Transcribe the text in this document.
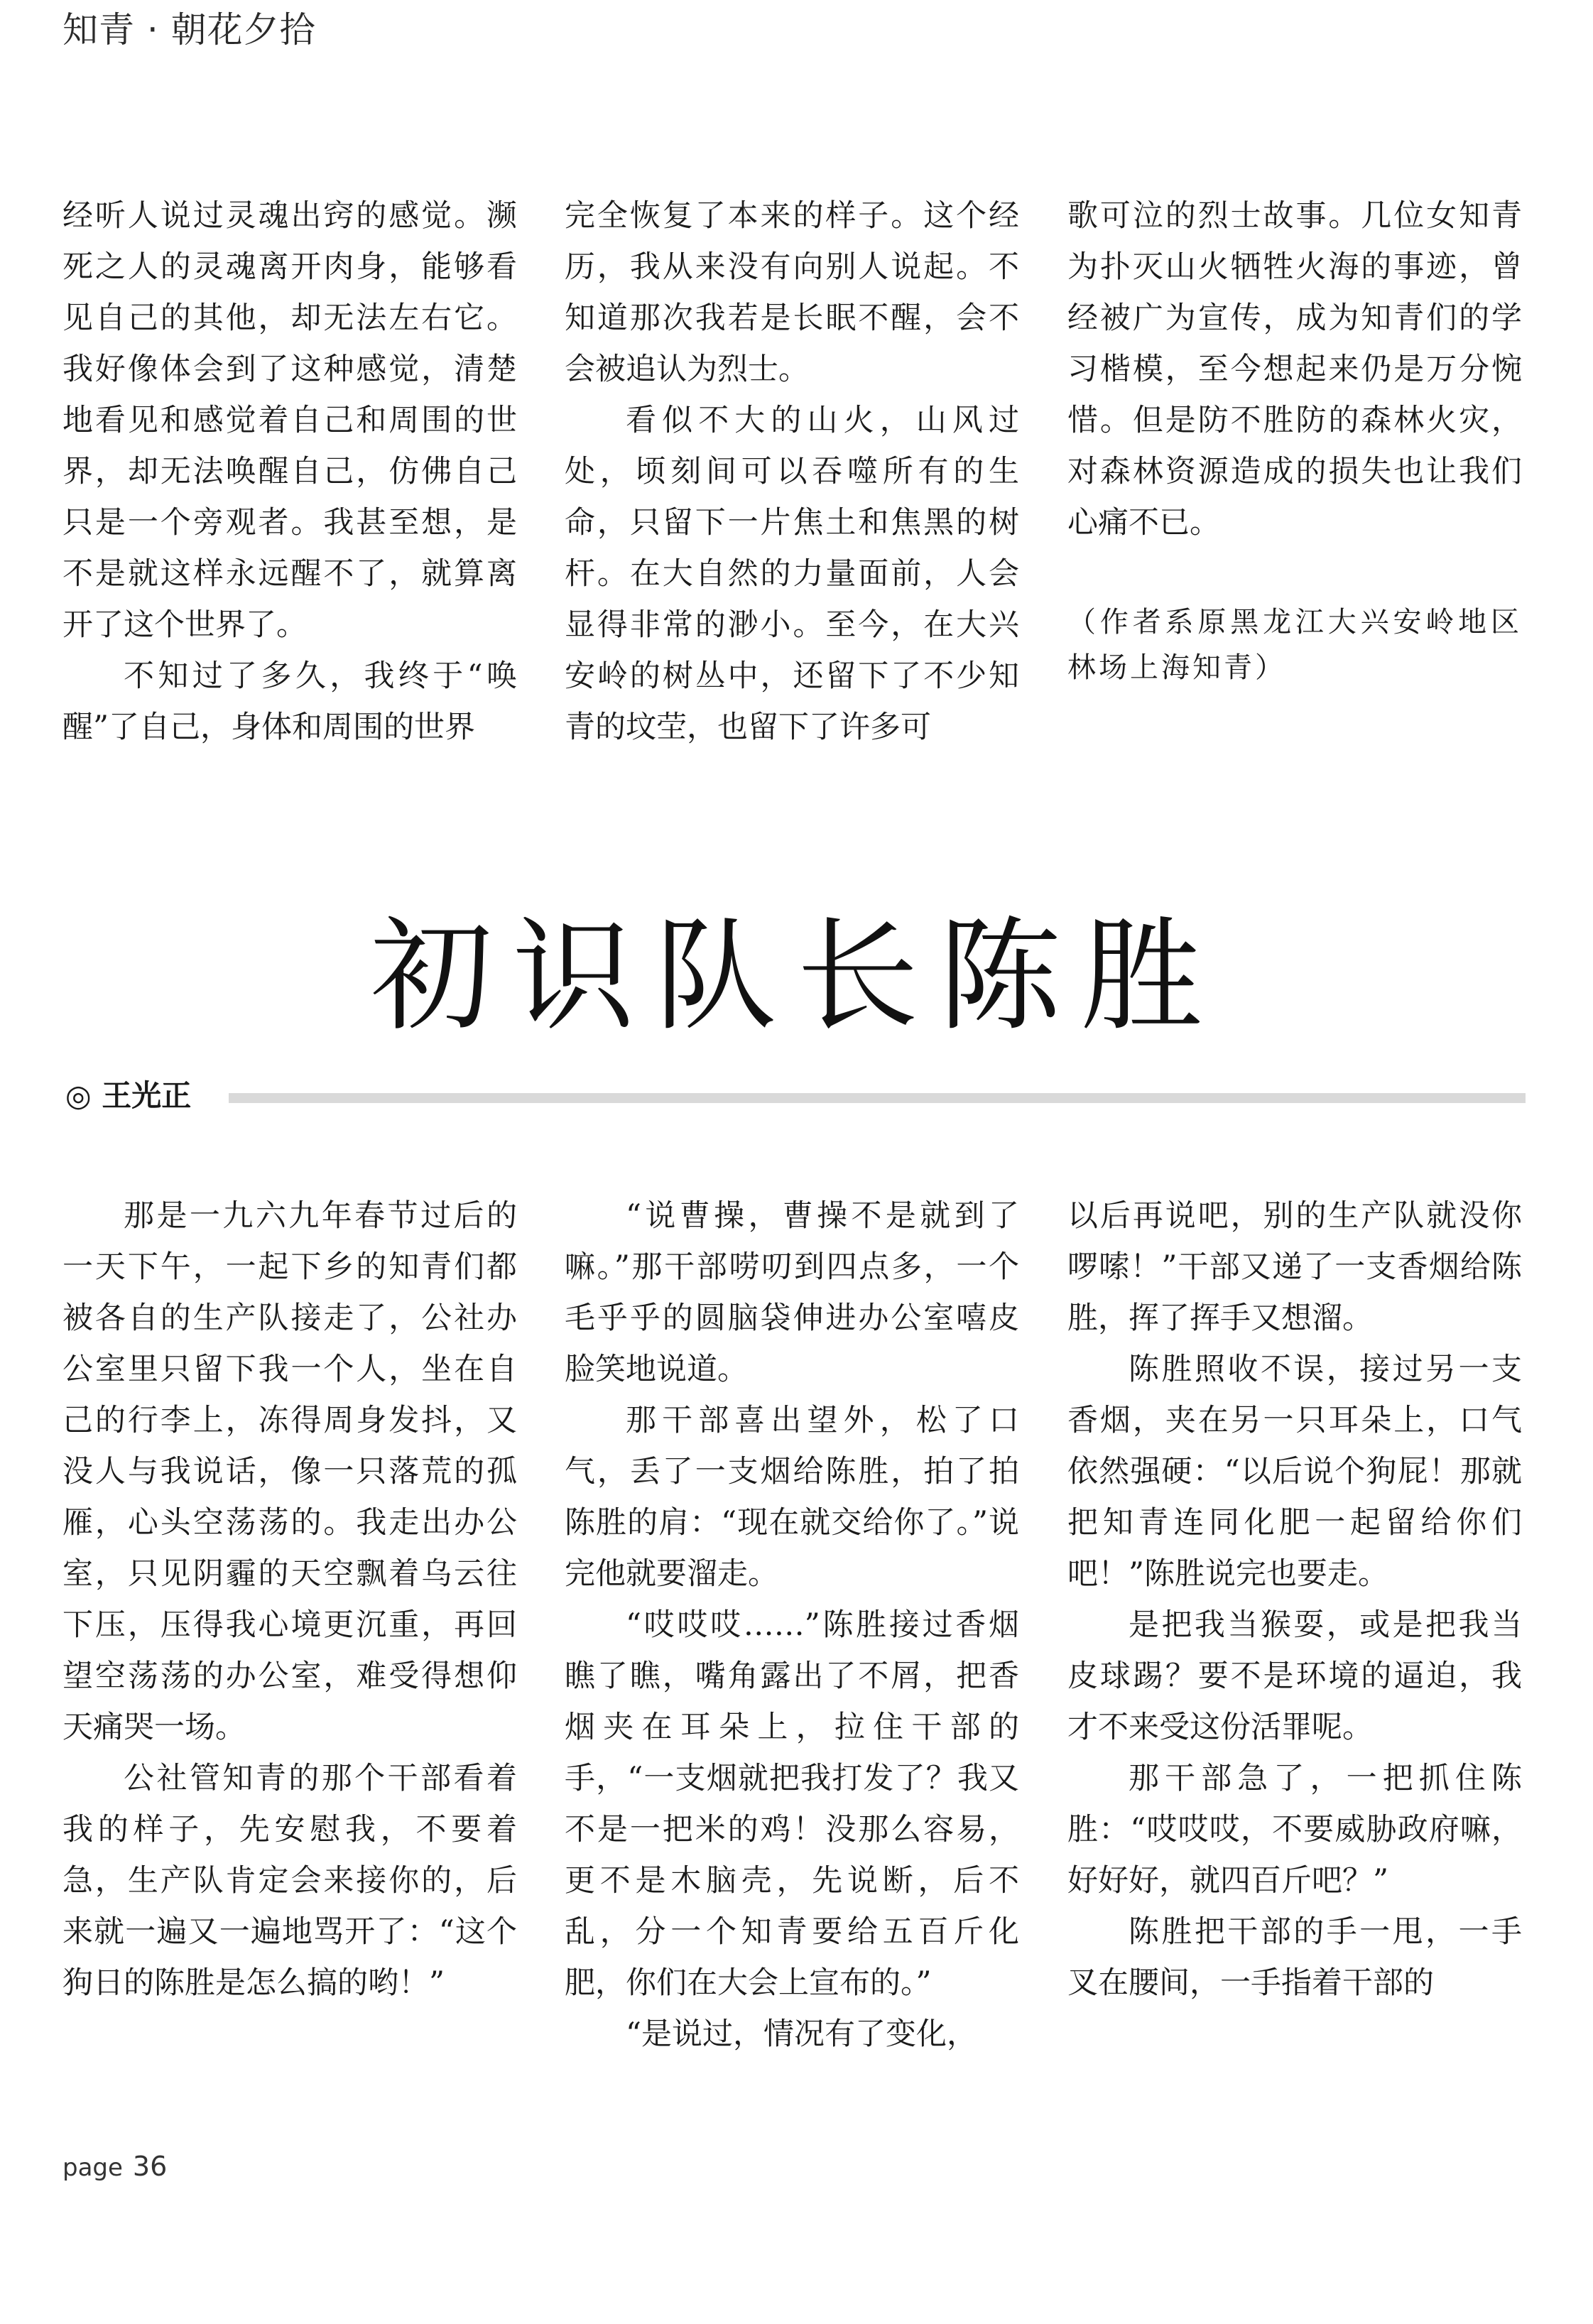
知青 · 朝花夕拾

经听人说过灵魂出窍的感觉。濒死之人的灵魂离开肉身，能够看见自己的其他，却无法左右它。我好像体会到了这种感觉，清楚地看见和感觉着自己和周围的世界，却无法唤醒自己，仿佛自己只是一个旁观者。我甚至想，是不是就这样永远醒不了，就算离开了这个世界了。

不知过了多久，我终于“唤醒”了自己，身体和周围的世界

完全恢复了本来的样子。这个经历，我从来没有向别人说起。不知道那次我若是长眠不醒，会不会被追认为烈士。

看似不大的山火，山风过处，顷刻间可以吞噬所有的生命，只留下一片焦土和焦黑的树杆。在大自然的力量面前，人会显得非常的渺小。至今，在大兴安岭的树丛中，还留下了不少知青的坟茔，也留下了许多可

歌可泣的烈士故事。几位女知青为扑灭山火牺牲火海的事迹，曾经被广为宣传，成为知青们的学习楷模，至今想起来仍是万分惋惜。但是防不胜防的森林火灾，对森林资源造成的损失也让我们心痛不已。

（作者系原黑龙江大兴安岭地区林场上海知青）

初识队长陈胜
◎ 王光正

那是一九六九年春节过后的一天下午，一起下乡的知青们都被各自的生产队接走了，公社办公室里只留下我一个人，坐在自己的行李上，冻得周身发抖，又没人与我说话，像一只落荒的孤雁，心头空荡荡的。我走出办公室，只见阴霾的天空飘着乌云往下压，压得我心境更沉重，再回望空荡荡的办公室，难受得想仰天痛哭一场。

公社管知青的那个干部看着我的样子，先安慰我，不要着急，生产队肯定会来接你的，后来就一遍又一遍地骂开了：“这个狗日的陈胜是怎么搞的哟！”

“说曹操，曹操不是就到了嘛。”那干部唠叨到四点多，一个毛乎乎的圆脑袋伸进办公室嘻皮脸笑地说道。

那干部喜出望外，松了口气，丢了一支烟给陈胜，拍了拍陈胜的肩：“现在就交给你了。”说完他就要溜走。

“哎哎哎……”陈胜接过香烟瞧了瞧，嘴角露出了不屑，把香烟夹在耳朵上，拉住干部的手，“一支烟就把我打发了？我又不是一把米的鸡！没那么容易，更不是木脑壳，先说断，后不乱，分一个知青要给五百斤化肥，你们在大会上宣布的。”

“是说过，情况有了变化，

以后再说吧，别的生产队就没你啰嗦！”干部又递了一支香烟给陈胜，挥了挥手又想溜。

陈胜照收不误，接过另一支香烟，夹在另一只耳朵上，口气依然强硬：“以后说个狗屁！那就把知青连同化肥一起留给你们吧！”陈胜说完也要走。

是把我当猴耍，或是把我当皮球踢？要不是环境的逼迫，我才不来受这份活罪呢。

那干部急了，一把抓住陈胜：“哎哎哎，不要威胁政府嘛，好好好，就四百斤吧？”

陈胜把干部的手一甩，一手叉在腰间，一手指着干部的

page 36
